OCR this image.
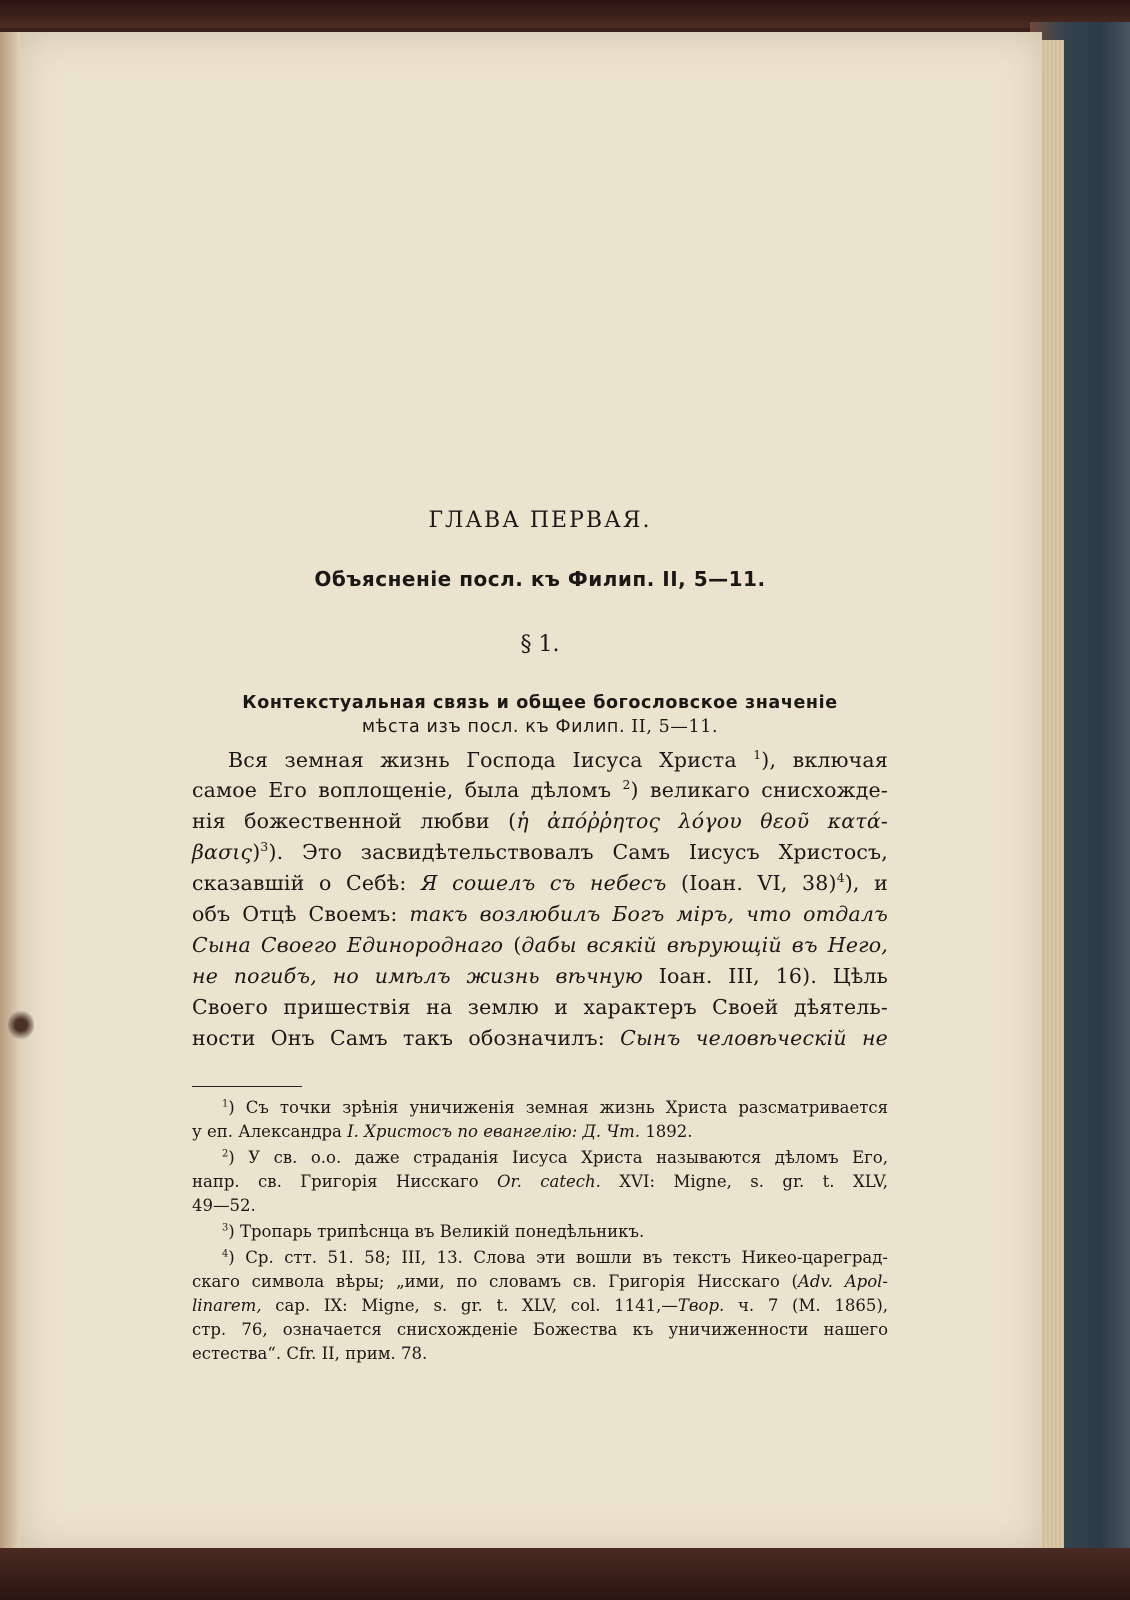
ГЛАВА ПЕРВАЯ.
Объясненіе посл. къ Филип. II, 5—11.
§ 1.
Контекстуальная связь и общее богословское значеніе
мѣста изъ посл. къ Филип. II, 5—11.
Вся земная жизнь Господа Іисуса Христа $^1$), включая
самое Его воплощеніе, была дѣломъ $^2$) великаго снисхожде-
нія божественной любви (ἡ ἀπόῤῥητος λόγου θεοῦ κατά-
βασις)$^3$). Это засвидѣтельствовалъ Самъ Іисусъ Христосъ,
сказавшій о Себѣ: Я сошелъ съ небесъ (Іоан. VI, 38)$^4$), и
объ Отцѣ Своемъ: такъ возлюбилъ Богъ міръ, что отдалъ
Сына Своего Единороднаго (дабы всякій вѣрующій въ Него,
не погибъ, но имѣлъ жизнь вѣчную Іоан. III, 16). Цѣль
Своего пришествія на землю и характеръ Своей дѣятель-
ности Онъ Самъ такъ обозначилъ: Сынъ человѣческій не
$^1$) Съ точки зрѣнія уничиженія земная жизнь Христа разсматривается
у еп. Александра I. Христосъ по евангелію: Д. Чт. 1892.
$^2$) У св. о.о. даже страданія Іисуса Христа называются дѣломъ Его,
напр. св. Григорія Нисскаго Or. catech. XVI: Migne, s. gr. t. XLV,
49—52.
$^3$) Тропарь трипѣснца въ Великій понедѣльникъ.
$^4$) Ср. стт. 51. 58; III, 13. Слова эти вошли въ текстъ Никео-царeград-
скаго символа вѣры; „ими, по словамъ св. Григорія Нисскаго (Adv. Apol-
linarem, cap. IX: Migne, s. gr. t. XLV, col. 1141,—Твор. ч. 7 (М. 1865),
стр. 76, означается снисхожденіе Божества къ уничиженности нашего
естества“. Cfr. II, прим. 78.
